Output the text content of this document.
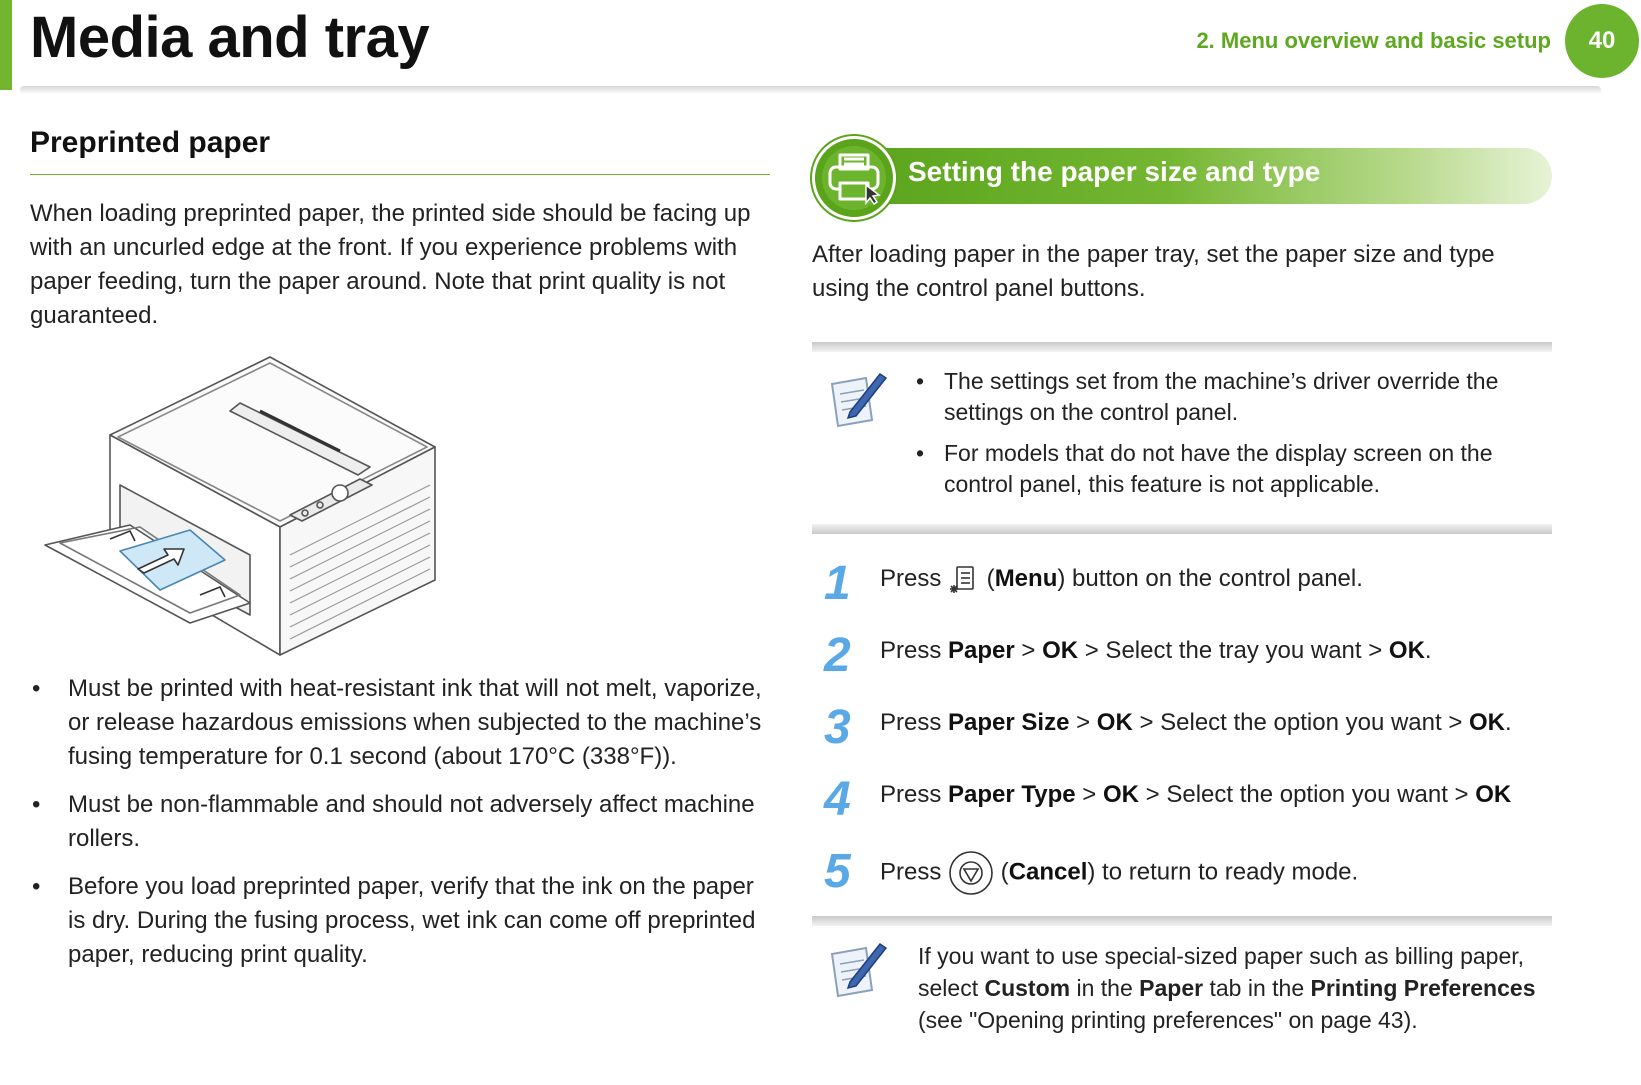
Media and tray	2. Menu overview and basic setup	40
Preprinted paper
When loading preprinted paper, the printed side should be facing up with an uncurled edge at the front. If you experience problems with paper feeding, turn the paper around. Note that print quality is not guaranteed.
• Must be printed with heat-resistant ink that will not melt, vaporize, or release hazardous emissions when subjected to the machine’s fusing temperature for 0.1 second (about 170°C (338°F)).
• Must be non-flammable and should not adversely affect machine rollers.
• Before you load preprinted paper, verify that the ink on the paper is dry. During the fusing process, wet ink can come off preprinted paper, reducing print quality.
Setting the paper size and type
After loading paper in the paper tray, set the paper size and type using the control panel buttons.
• The settings set from the machine’s driver override the settings on the control panel.
• For models that do not have the display screen on the control panel, this feature is not applicable.
1 Press  (Menu) button on the control panel.
2 Press Paper > OK > Select the tray you want > OK.
3 Press Paper Size > OK > Select the option you want > OK.
4 Press Paper Type > OK > Select the option you want > OK
5 Press  (Cancel) to return to ready mode.
If you want to use special-sized paper such as billing paper, select Custom in the Paper tab in the Printing Preferences (see "Opening printing preferences" on page 43).
